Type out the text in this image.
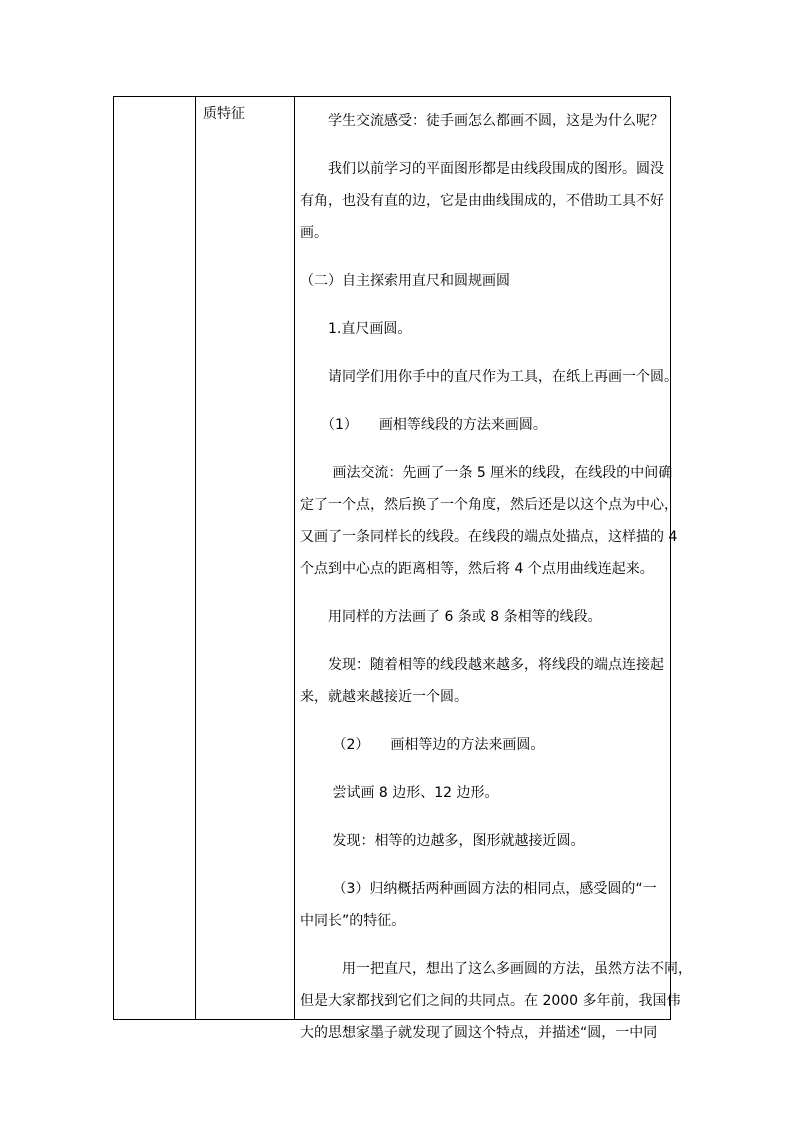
质特征	　　学生交流感受：徒手画怎么都画不圆，这是为什么呢？
　　我们以前学习的平面图形都是由线段围成的图形。圆没
有角，也没有直的边，它是由曲线围成的，不借助工具不好
画。
（二）自主探索用直尺和圆规画圆
　　1.直尺画圆。
　　请同学们用你手中的直尺作为工具，在纸上再画一个圆。
　　（1）　　画相等线段的方法来画圆。
　　 画法交流：先画了一条 5 厘米的线段，在线段的中间确
定了一个点，然后换了一个角度，然后还是以这个点为中心，
又画了一条同样长的线段。在线段的端点处描点，这样描的 4
个点到中心点的距离相等，然后将 4 个点用曲线连起来。
　　用同样的方法画了 6 条或 8 条相等的线段。
　　发现：随着相等的线段越来越多，将线段的端点连接起
来，就越来越接近一个圆。
　　 （2）　　画相等边的方法来画圆。
　　 尝试画 8 边形、12 边形。
　　 发现：相等的边越多，图形就越接近圆。
　　 （3）归纳概括两种画圆方法的相同点，感受圆的“一
中同长”的特征。
　　　用一把直尺，想出了这么多画圆的方法，虽然方法不同，
但是大家都找到它们之间的共同点。在 2000 多年前，我国伟
大的思想家墨子就发现了圆这个特点，并描述“圆，一中同
